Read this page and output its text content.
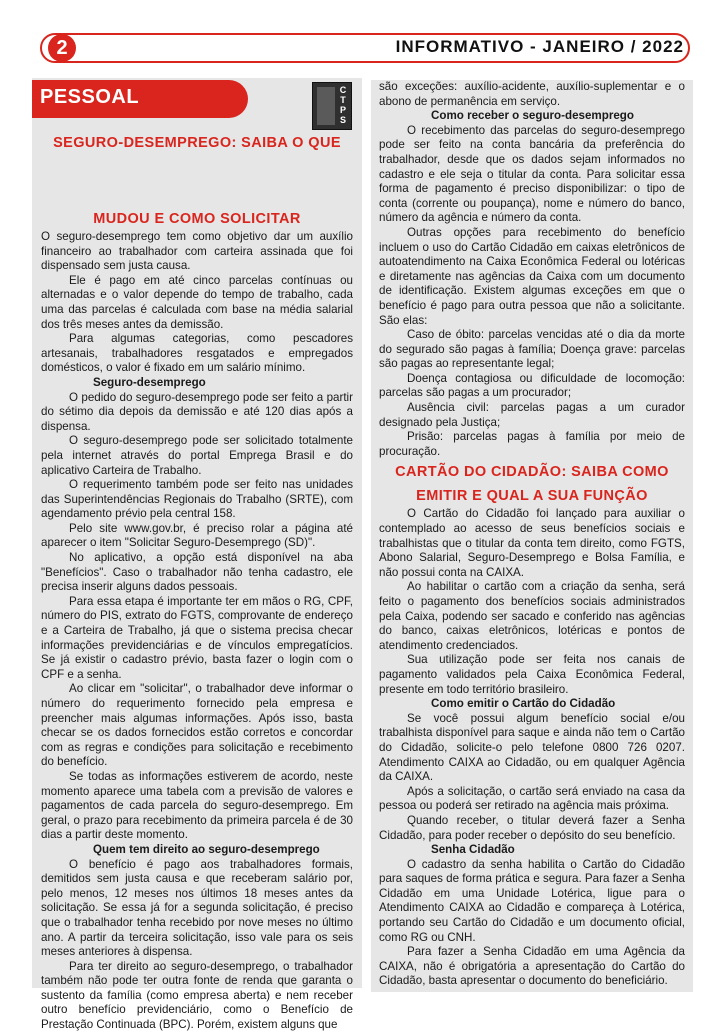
2	INFORMATIVO - JANEIRO / 2022
SEGURO-DESEMPREGO: SAIBA O QUE
MUDOU E COMO SOLICITAR

O seguro-desemprego tem como objetivo dar um auxílio financeiro ao trabalhador com carteira assinada que foi dispensado sem justa causa.

Ele é pago em até cinco parcelas contínuas ou alternadas e o valor depende do tempo de trabalho, cada uma das parcelas é calculada com base na média salarial dos três meses antes da demissão.

Para algumas categorias, como pescadores artesanais, trabalhadores resgatados e empregados domésticos, o valor é fixado em um salário mínimo.

Seguro-desemprego

O pedido do seguro-desemprego pode ser feito a partir do sétimo dia depois da demissão e até 120 dias após a dispensa.

O seguro-desemprego pode ser solicitado totalmente pela internet através do portal Emprega Brasil e do aplicativo Carteira de Trabalho.

O requerimento também pode ser feito nas unidades das Superintendências Regionais do Trabalho (SRTE), com agendamento prévio pela central 158.

Pelo site www.gov.br, é preciso rolar a página até aparecer o item "Solicitar Seguro-Desemprego (SD)".

No aplicativo, a opção está disponível na aba "Benefícios". Caso o trabalhador não tenha cadastro, ele precisa inserir alguns dados pessoais.

Para essa etapa é importante ter em mãos o RG, CPF, número do PIS, extrato do FGTS, comprovante de endereço e a Carteira de Trabalho, já que o sistema precisa checar informações previdenciárias e de vínculos empregatícios. Se já existir o cadastro prévio, basta fazer o login com o CPF e a senha.

Ao clicar em "solicitar", o trabalhador deve informar o número do requerimento fornecido pela empresa e preencher mais algumas informações. Após isso, basta checar se os dados fornecidos estão corretos e concordar com as regras e condições para solicitação e recebimento do benefício.

Se todas as informações estiverem de acordo, neste momento aparece uma tabela com a previsão de valores e pagamentos de cada parcela do seguro-desemprego. Em geral, o prazo para recebimento da primeira parcela é de 30 dias a partir deste momento.

Quem tem direito ao seguro-desemprego

O benefício é pago aos trabalhadores formais, demitidos sem justa causa e que receberam salário por, pelo menos, 12 meses nos últimos 18 meses antes da solicitação. Se essa já for a segunda solicitação, é preciso que o trabalhador tenha recebido por nove meses no último ano. A partir da terceira solicitação, isso vale para os seis meses anteriores à dispensa.

Para ter direito ao seguro-desemprego, o trabalhador também não pode ter outra fonte de renda que garanta o sustento da família (como empresa aberta) e nem receber outro benefício previdenciário, como o Benefício de Prestação Continuada (BPC). Porém, existem alguns que

PESSOAL	C
T
P
S

são exceções: auxílio-acidente, auxílio-suplementar e o abono de permanência em serviço.

Como receber o seguro-desemprego

O recebimento das parcelas do seguro-desemprego pode ser feito na conta bancária da preferência do trabalhador, desde que os dados sejam informados no cadastro e ele seja o titular da conta. Para solicitar essa forma de pagamento é preciso disponibilizar: o tipo de conta (corrente ou poupança), nome e número do banco, número da agência e número da conta.

Outras opções para recebimento do benefício incluem o uso do Cartão Cidadão em caixas eletrônicos de autoatendimento na Caixa Econômica Federal ou lotéricas e diretamente nas agências da Caixa com um documento de identificação. Existem algumas exceções em que o benefício é pago para outra pessoa que não a solicitante. São elas:

Caso de óbito: parcelas vencidas até o dia da morte do segurado são pagas à família; Doença grave: parcelas são pagas ao representante legal;

Doença contagiosa ou dificuldade de locomoção: parcelas são pagas a um procurador;

Ausência civil: parcelas pagas a um curador designado pela Justiça;

Prisão: parcelas pagas à família por meio de procuração.

CARTÃO DO CIDADÃO: SAIBA COMO
EMITIR E QUAL A SUA FUNÇÃO

O Cartão do Cidadão foi lançado para auxiliar o contemplado ao acesso de seus benefícios sociais e trabalhistas que o titular da conta tem direito, como FGTS, Abono Salarial, Seguro-Desemprego e Bolsa Família, e não possui conta na CAIXA.

Ao habilitar o cartão com a criação da senha, será feito o pagamento dos benefícios sociais administrados pela Caixa, podendo ser sacado e conferido nas agências do banco, caixas eletrônicos, lotéricas e pontos de atendimento credenciados.

Sua utilização pode ser feita nos canais de pagamento validados pela Caixa Econômica Federal, presente em todo território brasileiro.

Como emitir o Cartão do Cidadão

Se você possui algum benefício social e/ou trabalhista disponível para saque e ainda não tem o Cartão do Cidadão, solicite-o pelo telefone 0800 726 0207. Atendimento CAIXA ao Cidadão, ou em qualquer Agência da CAIXA.

Após a solicitação, o cartão será enviado na casa da pessoa ou poderá ser retirado na agência mais próxima.

Quando receber, o titular deverá fazer a Senha Cidadão, para poder receber o depósito do seu benefício.

Senha Cidadão

O cadastro da senha habilita o Cartão do Cidadão para saques de forma prática e segura. Para fazer a Senha Cidadão em uma Unidade Lotérica, ligue para o Atendimento CAIXA ao Cidadão e compareça à Lotérica, portando seu Cartão do Cidadão e um documento oficial, como RG ou CNH.

Para fazer a Senha Cidadão em uma Agência da CAIXA, não é obrigatória a apresentação do Cartão do Cidadão, basta apresentar o documento do beneficiário.
